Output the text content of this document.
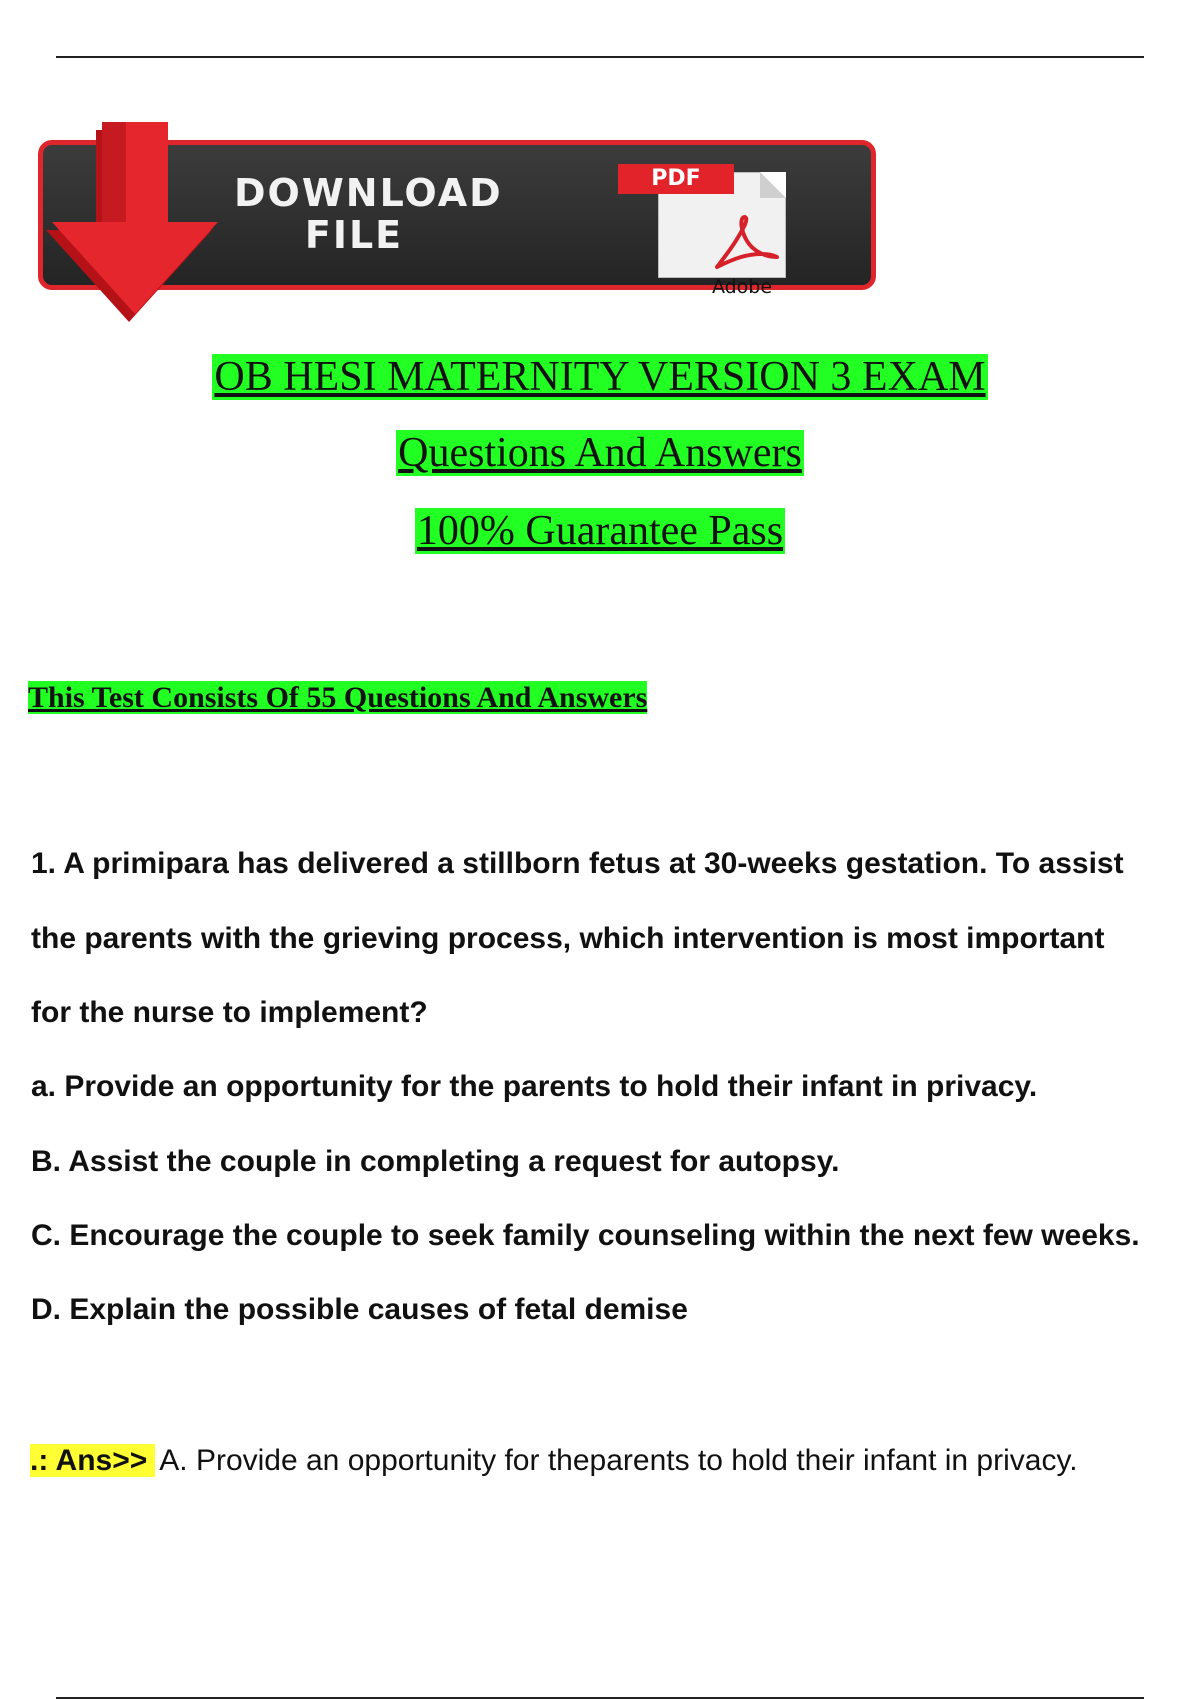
DOWNLOAD
FILE
PDF
Adobe
OB HESI MATERNITY VERSION 3 EXAM
Questions And Answers
100% Guarantee Pass
This Test Consists Of 55 Questions And Answers
1. A primipara has delivered a stillborn fetus at 30-weeks gestation. To assist
the parents with the grieving process, which intervention is most important
for the nurse to implement?
a. Provide an opportunity for the parents to hold their infant in privacy.
B. Assist the couple in completing a request for autopsy.
C. Encourage the couple to seek family counseling within the next few weeks.
D. Explain the possible causes of fetal demise
.: Ans>> A. Provide an opportunity for theparents to hold their infant in privacy.
